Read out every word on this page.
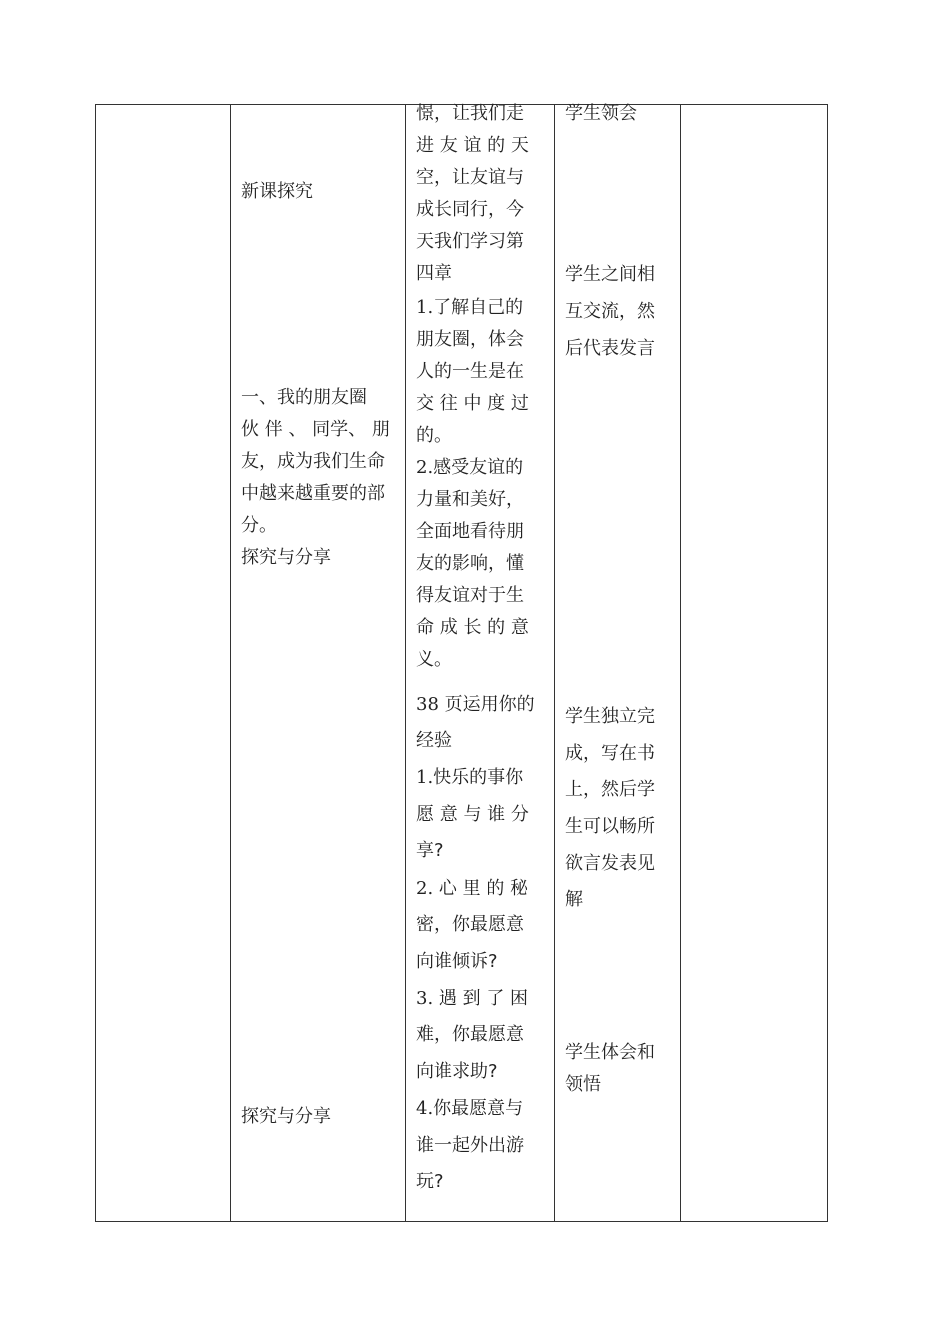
新课探究
一、我的朋友圈
伙 伴 、 同学、 朋
友，成为我们生命
中越来越重要的部
分。
探究与分享
探究与分享
憬，让我们走
进 友 谊 的 天
空，让友谊与
成长同行，今
天我们学习第
四章
1.了解自己的
朋友圈，体会
人的一生是在
交 往 中 度 过
的。
2.感受友谊的
力量和美好，
全面地看待朋
友的影响，懂
得友谊对于生
命 成 长 的 意
义。
38 页运用你的
经验
1.快乐的事你
愿 意 与 谁 分
享?
2. 心 里 的 秘
密，你最愿意
向谁倾诉?
3. 遇 到 了 困
难，你最愿意
向谁求助?
4.你最愿意与
谁一起外出游
玩?
学生领会
学生之间相
互交流，然
后代表发言
学生独立完
成，写在书
上，然后学
生可以畅所
欲言发表见
解
学生体会和
领悟
